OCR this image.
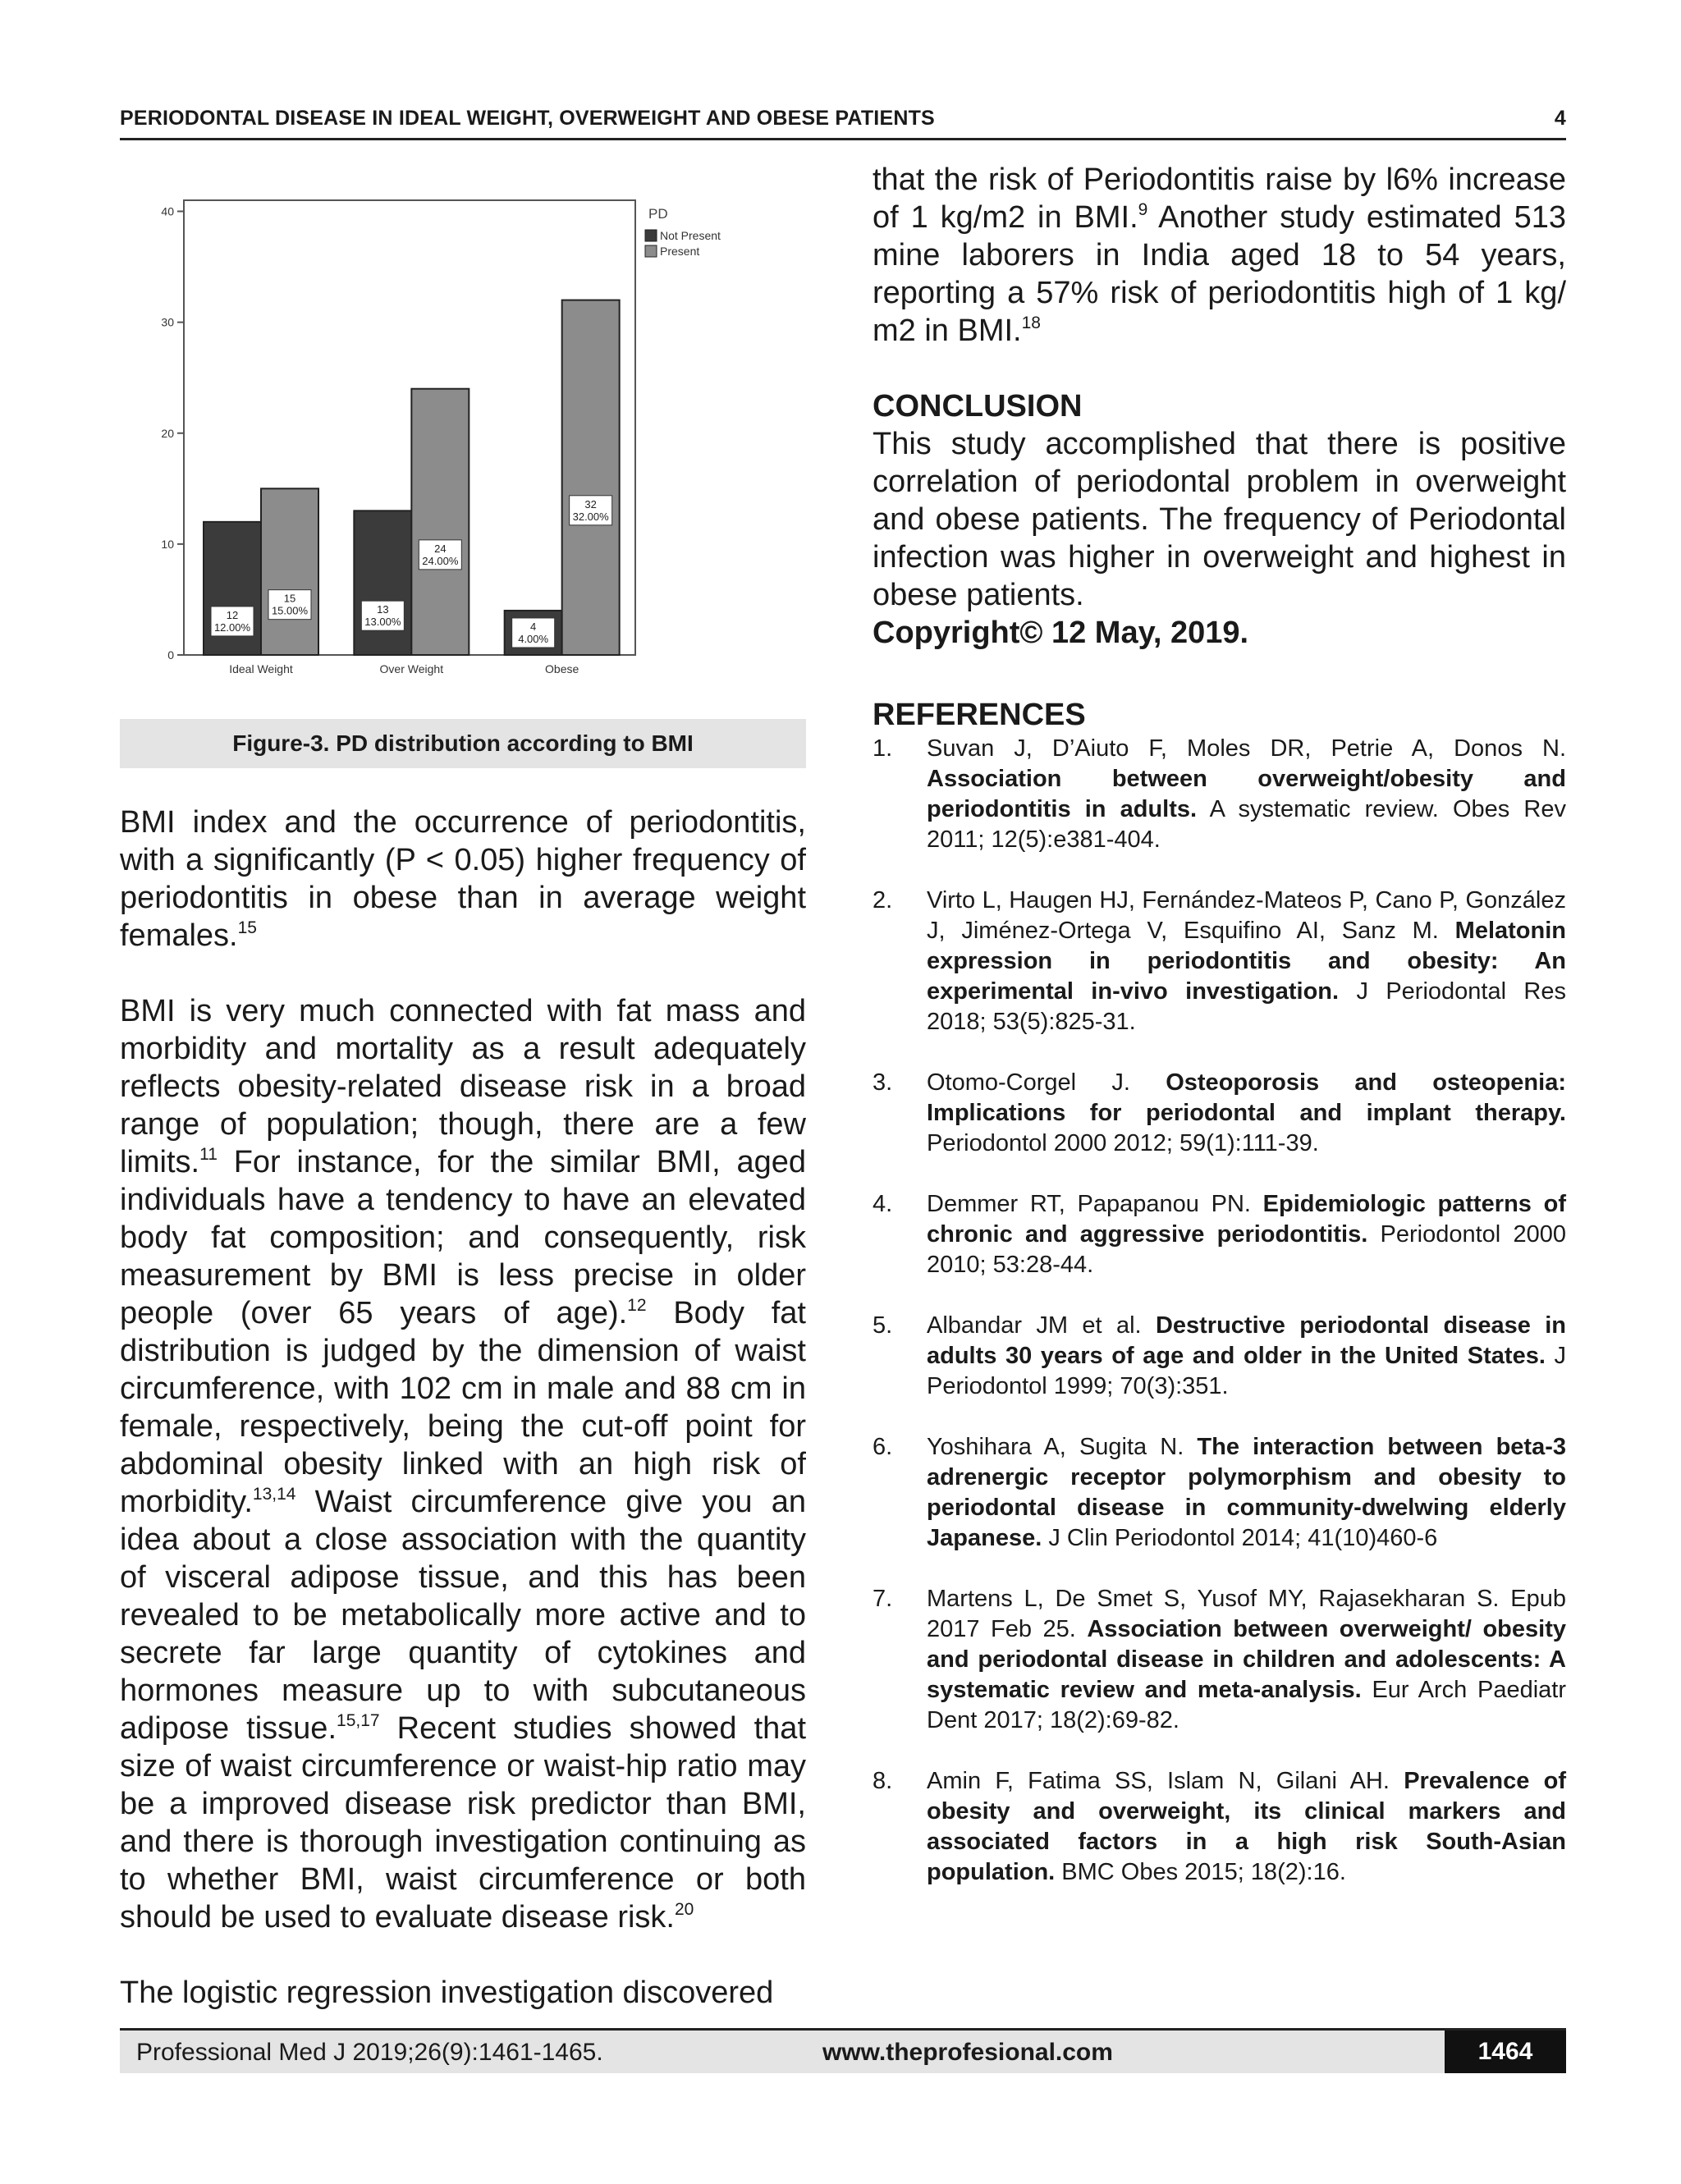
PERIODONTAL DISEASE IN IDEAL WEIGHT, OVERWEIGHT AND OBESE PATIENTS	4
0
10
20
30
40
12
12.00%
15
15.00%
Ideal Weight
13
13.00%
24
24.00%
Over Weight
4
4.00%
32
32.00%
Obese
PD
Not Present
Present
Figure-3. PD distribution according to BMI

BMI index and the occurrence of periodontitis, with a significantly (P < 0.05) higher frequency of periodontitis in obese than in average weight females.$^{15}$

BMI is very much connected with fat mass and morbidity and mortality as a result adequately reflects obesity-related disease risk in a broad range of population; though, there are a few limits.$^{11}$ For instance, for the similar BMI, aged individuals have a tendency to have an elevated body fat composition; and consequently, risk measurement by BMI is less precise in older people (over 65 years of age).$^{12}$ Body fat distribution is judged by the dimension of waist circumference, with 102 cm in male and 88 cm in female, respectively, being the cut-off point for abdominal obesity linked with an high risk of morbidity.$^{13,14}$ Waist circumference give you an idea about a close association with the quantity of visceral adipose tissue, and this has been revealed to be metabolically more active and to secrete far large quantity of cytokines and hormones measure up to with subcutaneous adipose tissue.$^{15,17}$ Recent studies showed that size of waist circumference or waist-hip ratio may be a improved disease risk predictor than BMI, and there is thorough investigation continuing as to whether BMI, waist circumference or both should be used to evaluate disease risk.$^{20}$

The logistic regression investigation discovered

that the risk of Periodontitis raise by l6% increase of 1 kg/m2 in BMI.$^9$ Another study estimated 513 mine laborers in India aged 18 to 54 years, reporting a 57% risk of periodontitis high of 1 kg/ m2 in BMI.$^{18}$

CONCLUSION

This study accomplished that there is positive correlation of periodontal problem in overweight and obese patients. The frequency of Periodontal infection was higher in overweight and highest in obese patients.

Copyright© 12 May, 2019.

REFERENCES

1. Suvan J, D’Aiuto F, Moles DR, Petrie A, Donos N. Association between overweight/obesity and periodontitis in adults. A systematic review. Obes Rev 2011; 12(5):e381-404.
2. Virto L, Haugen HJ, Fernández-Mateos P, Cano P, González J, Jiménez-Ortega V, Esquifino AI, Sanz M. Melatonin expression in periodontitis and obesity: An experimental in-vivo investigation. J Periodontal Res 2018; 53(5):825-31.
3. Otomo-Corgel J. Osteoporosis and osteopenia: Implications for periodontal and implant therapy. Periodontol 2000 2012; 59(1):111-39.
4. Demmer RT, Papapanou PN. Epidemiologic patterns of chronic and aggressive periodontitis. Periodontol 2000 2010; 53:28-44.
5. Albandar JM et al. Destructive periodontal disease in adults 30 years of age and older in the United States. J Periodontol 1999; 70(3):351.
6. Yoshihara A, Sugita N. The interaction between beta-3 adrenergic receptor polymorphism and obesity to periodontal disease in community-dwelwing elderly Japanese. J Clin Periodontol 2014; 41(10)460-6
7. Martens L, De Smet S, Yusof MY, Rajasekharan S. Epub 2017 Feb 25. Association between overweight/ obesity and periodontal disease in children and adolescents: A systematic review and meta-analysis. Eur Arch Paediatr Dent 2017; 18(2):69-82.
8. Amin F, Fatima SS, Islam N, Gilani AH. Prevalence of obesity and overweight, its clinical markers and associated factors in a high risk South-Asian population. BMC Obes 2015; 18(2):16.
Professional Med J 2019;26(9):1461-1465.	www.theprofesional.com	1464
